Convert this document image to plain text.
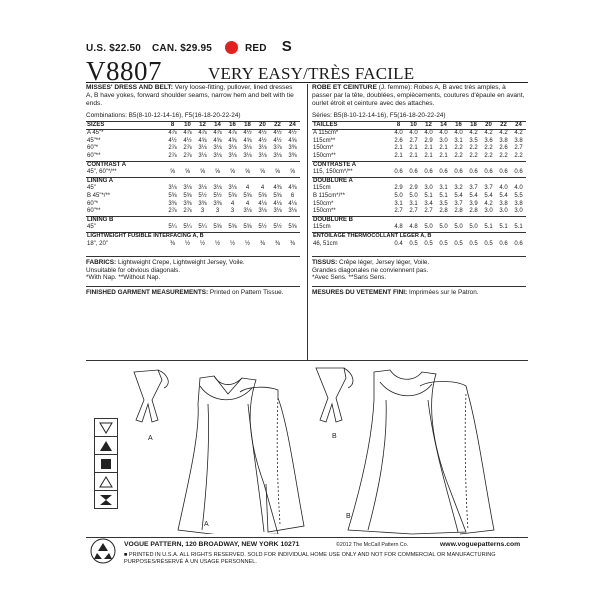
U.S. $22.50 CAN. $29.95	RED S
V8807	VERY EASY/TRÈS FACILE
MISSES' DRESS AND BELT: Very loose-fitting, pullover, lined dresses A, B have yokes, forward shoulder seams, narrow hem and belt with tie ends.
Combinations: B5(8-10-12-14-16), F5(16-18-20-22-24)
SIZES	8	10	12	14	16	18	20	22	24
A 45"*	4⅞	4⅞	4⅞	4⅞	4⅞	4½	4½	4½	4½
45"**	4½	4½	4⅝	4⅝	4⅝	4⅝	4½	4½	4⅝
60"*	2⅞	2⅞	3⅛	3⅛	3⅛	3⅛	3⅛	3⅞	3⅜
60"**	2⅞	2⅞	3⅛	3⅛	3⅛	3⅛	3⅛	3⅛	3⅜
CONTRAST A									
45", 60"*/**	⅝	⅝	⅝	⅝	⅝	⅝	⅝	⅝	⅝
LINING A									
45"	3⅛	3⅛	3⅛	3⅛	3⅛	4	4	4⅜	4⅜
B 45"*/**	5⅝	5⅝	5½	5½	5⅝	5⅝	5⅝	5⅝	6
60"*	3⅜	3⅜	3⅜	3⅜	4	4	4⅛	4⅛	4⅛
60"**	2⅞	2⅞	3	3	3	3⅛	3⅛	3⅛	3⅛
LINING B									
45"	5¼	5¼	5¼	5⅝	5⅝	5⅝	5½	5½	5⅝
LIGHTWEIGHT FUSIBLE INTERFACING A, B									
18", 20"	⅜	½	½	½	½	½	⅜	⅜	⅜
FABRICS: Lightweight Crepe, Lightweight Jersey, Voile.
Unsuitable for obvious diagonals.
*With Nap. **Without Nap.
FINISHED GARMENT MEASUREMENTS: Printed on Pattern Tissue.
ROBE ET CEINTURE (J. femme): Robes A, B avec très amples, à passer par la tête, doublées, empiècements, coutures d'épaule en avant, ourlet étroit et ceinture avec des attaches.
Séries: B5(8-10-12-14-16), F5(16-18-20-22-24)
TAILLES	8	10	12	14	16	18	20	22	24
A 115cm*	4.0	4.0	4.0	4.0	4.0	4.2	4.2	4.2	4.2
115cm**	2.6	2.7	2.9	3.0	3.1	3.5	3.6	3.8	3.8
150cm*	2.1	2.1	2.1	2.1	2.2	2.2	2.2	2.6	2.7
150cm**	2.1	2.1	2.1	2.1	2.2	2.2	2.2	2.2	2.2
CONTRASTE A									
115, 150cm*/**	0.6	0.6	0.6	0.6	0.6	0.6	0.6	0.6	0.6
DOUBLURE A									
115cm	2.9	2.9	3.0	3.1	3.2	3.7	3.7	4.0	4.0
B 115cm*/**	5.0	5.0	5.1	5.1	5.4	5.4	5.4	5.4	5.5
150cm*	3.1	3.1	3.4	3.5	3.7	3.9	4.2	3.8	3.8
150cm**	2.7	2.7	2.7	2.8	2.8	2.8	3.0	3.0	3.0
DOUBLURE B									
115cm	4.8	4.8	5.0	5.0	5.0	5.0	5.1	5.1	5.1
ENTOILAGE THERMOCOLLANT LÉGER A, B									
46, 51cm	0.4	0.5	0.5	0.5	0.5	0.5	0.5	0.6	0.6
TISSUS: Crêpe léger, Jersey léger, Voile.
Grandes diagonales ne conviennent pas.
*Avec Sens. **Sans Sens.
MESURES DU VETEMENT FINI: Imprimées sur le Patron.
A
A
B
B
VOGUE PATTERN, 120 BROADWAY, NEW YORK 10271	©2012 The McCall Pattern Co.	www.voguepatterns.com
■ PRINTED IN U.S.A. ALL RIGHTS RESERVED. SOLD FOR INDIVIDUAL HOME USE ONLY AND NOT FOR COMMERCIAL OR MANUFACTURING
PURPOSES/RÉSERVÉ À UN USAGE PERSONNEL.
